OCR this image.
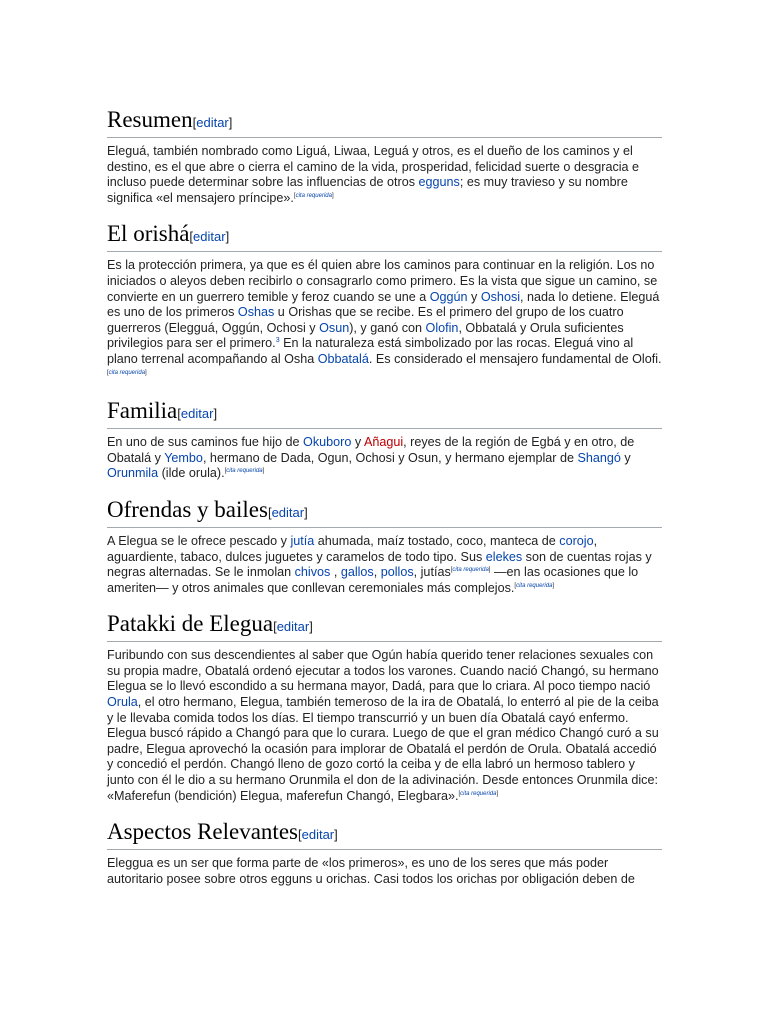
Resumen[editar]

Eleguá, también nombrado como Liguá, Liwaa, Leguá y otros, es el dueño de los caminos y el destino, es el que abre o cierra el camino de la vida, prosperidad, felicidad suerte o desgracia e incluso puede determinar sobre las influencias de otros egguns; es muy travieso y su nombre significa «el mensajero príncipe».[cita requerida]

El orishá[editar]

Es la protección primera, ya que es él quien abre los caminos para continuar en la religión. Los no iniciados o aleyos deben recibirlo o consagrarlo como primero. Es la vista que sigue un camino, se convierte en un guerrero temible y feroz cuando se une a Oggún y Oshosi, nada lo detiene. Eleguá es uno de los primeros Oshas u Orishas que se recibe. Es el primero del grupo de los cuatro guerreros (Elegguá, Oggún, Ochosi y Osun), y ganó con Olofin, Obbatalá y Orula suficientes privilegios para ser el primero.$^3$ En la naturaleza está simbolizado por las rocas. Eleguá vino al plano terrenal acompañando al Osha Obbatalá. Es considerado el mensajero fundamental de Olofi.[cita requerida]

Familia[editar]

En uno de sus caminos fue hijo de Okuboro y Añagui, reyes de la región de Egbá y en otro, de Obatalá y Yembo, hermano de Dada, Ogun, Ochosi y Osun, y hermano ejemplar de Shangó y Orunmila (ilde orula).[cita requerida]

Ofrendas y bailes[editar]

A Elegua se le ofrece pescado y jutía ahumada, maíz tostado, coco, manteca de corojo, aguardiente, tabaco, dulces juguetes y caramelos de todo tipo. Sus elekes son de cuentas rojas y negras alternadas. Se le inmolan chivos , gallos, pollos, jutías[cita requerida] —en las ocasiones que lo ameriten— y otros animales que conllevan ceremoniales más complejos.[cita requerida]

Patakki de Elegua[editar]

Furibundo con sus descendientes al saber que Ogún había querido tener relaciones sexuales con su propia madre, Obatalá ordenó ejecutar a todos los varones. Cuando nació Changó, su hermano Elegua se lo llevó escondido a su hermana mayor, Dadá, para que lo criara. Al poco tiempo nació Orula, el otro hermano, Elegua, también temeroso de la ira de Obatalá, lo enterró al pie de la ceiba y le llevaba comida todos los días. El tiempo transcurrió y un buen día Obatalá cayó enfermo. Elegua buscó rápido a Changó para que lo curara. Luego de que el gran médico Changó curó a su padre, Elegua aprovechó la ocasión para implorar de Obatalá el perdón de Orula. Obatalá accedió y concedió el perdón. Changó lleno de gozo cortó la ceiba y de ella labró un hermoso tablero y junto con él le dio a su hermano Orunmila el don de la adivinación. Desde entonces Orunmila dice: «Maferefun (bendición) Elegua, maferefun Changó, Elegbara».[cita requerida]

Aspectos Relevantes[editar]

Eleggua es un ser que forma parte de «los primeros», es uno de los seres que más poder autoritario posee sobre otros egguns u orichas. Casi todos los orichas por obligación deben de
